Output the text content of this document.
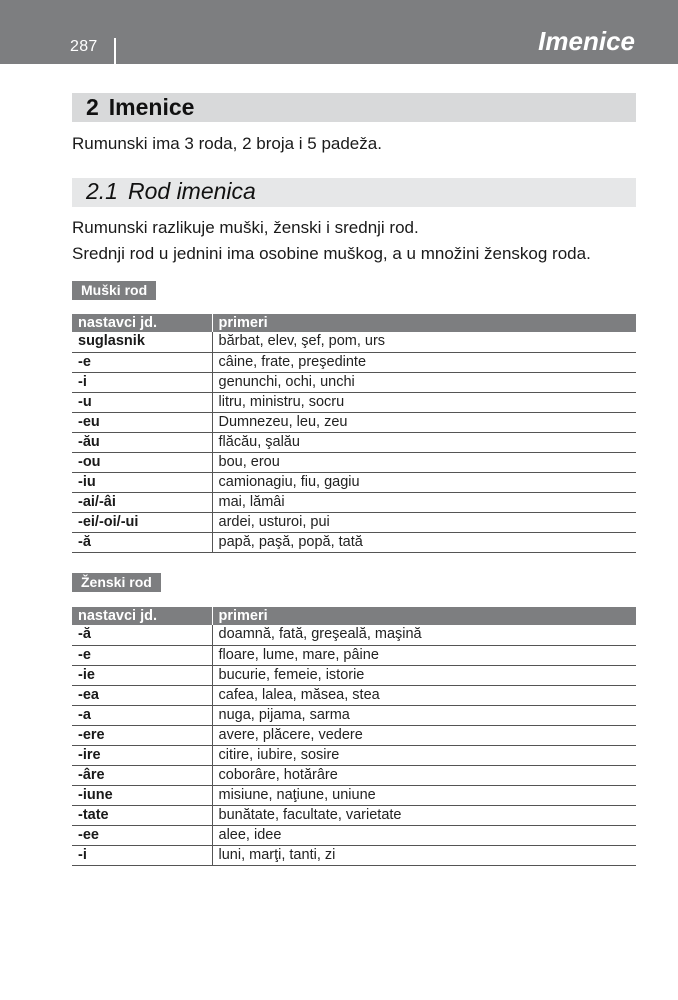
287	Imenice
2 Imenice
Rumunski ima 3 roda, 2 broja i 5 padeža.
2.1 Rod imenica
Rumunski razlikuje muški, ženski i srednji rod.
Srednji rod u jednini ima osobine muškog, a u množini ženskog roda.
Muški rod
nastavci jd.	primeri
suglasnik	bărbat, elev, şef, pom, urs
-e	câine, frate, preşedinte
-i	genunchi, ochi, unchi
-u	litru, ministru, socru
-eu	Dumnezeu, leu, zeu
-ău	flăcău, şalău
-ou	bou, erou
-iu	camionagiu, fiu, gagiu
-ai/-âi	mai, lămâi
-ei/-oi/-ui	ardei, usturoi, pui
-ă	papă, paşă, popă, tată
Ženski rod
nastavci jd.	primeri
-ă	doamnă, fată, greşeală, maşină
-e	floare, lume, mare, pâine
-ie	bucurie, femeie, istorie
-ea	cafea, lalea, măsea, stea
-a	nuga, pijama, sarma
-ere	avere, plăcere, vedere
-ire	citire, iubire, sosire
-âre	coborâre, hotărâre
-iune	misiune, naţiune, uniune
-tate	bunătate, facultate, varietate
-ee	alee, idee
-i	luni, marţi, tanti, zi
